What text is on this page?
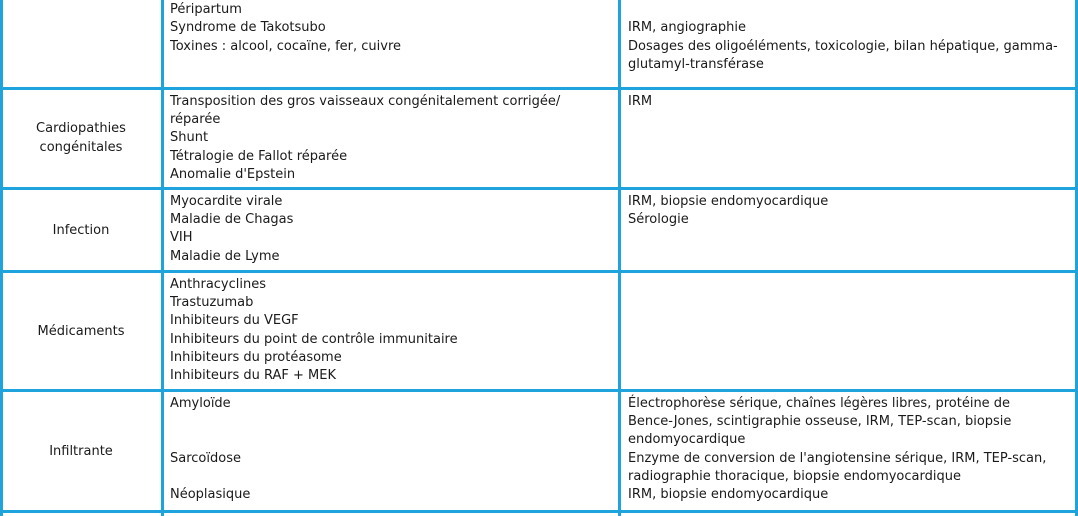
Péripartum
Syndrome de Takotsubo
Toxines : alcool, cocaïne, fer, cuivre
IRM, angiographie
Dosages des oligoéléments, toxicologie, bilan hépatique, gamma-
glutamyl-transférase
Cardiopathies
congénitales
Transposition des gros vaisseaux congénitalement corrigée/
réparée
Shunt
Tétralogie de Fallot réparée
Anomalie d'Epstein
IRM
Infection
Myocardite virale
Maladie de Chagas
VIH
Maladie de Lyme
IRM, biopsie endomyocardique
Sérologie
Médicaments
Anthracyclines
Trastuzumab
Inhibiteurs du VEGF
Inhibiteurs du point de contrôle immunitaire
Inhibiteurs du protéasome
Inhibiteurs du RAF + MEK
Infiltrante
Amyloïde
Sarcoïdose
Néoplasique
Électrophorèse sérique, chaînes légères libres, protéine de
Bence-Jones, scintigraphie osseuse, IRM, TEP-scan, biopsie
endomyocardique
Enzyme de conversion de l'angiotensine sérique, IRM, TEP-scan,
radiographie thoracique, biopsie endomyocardique
IRM, biopsie endomyocardique
